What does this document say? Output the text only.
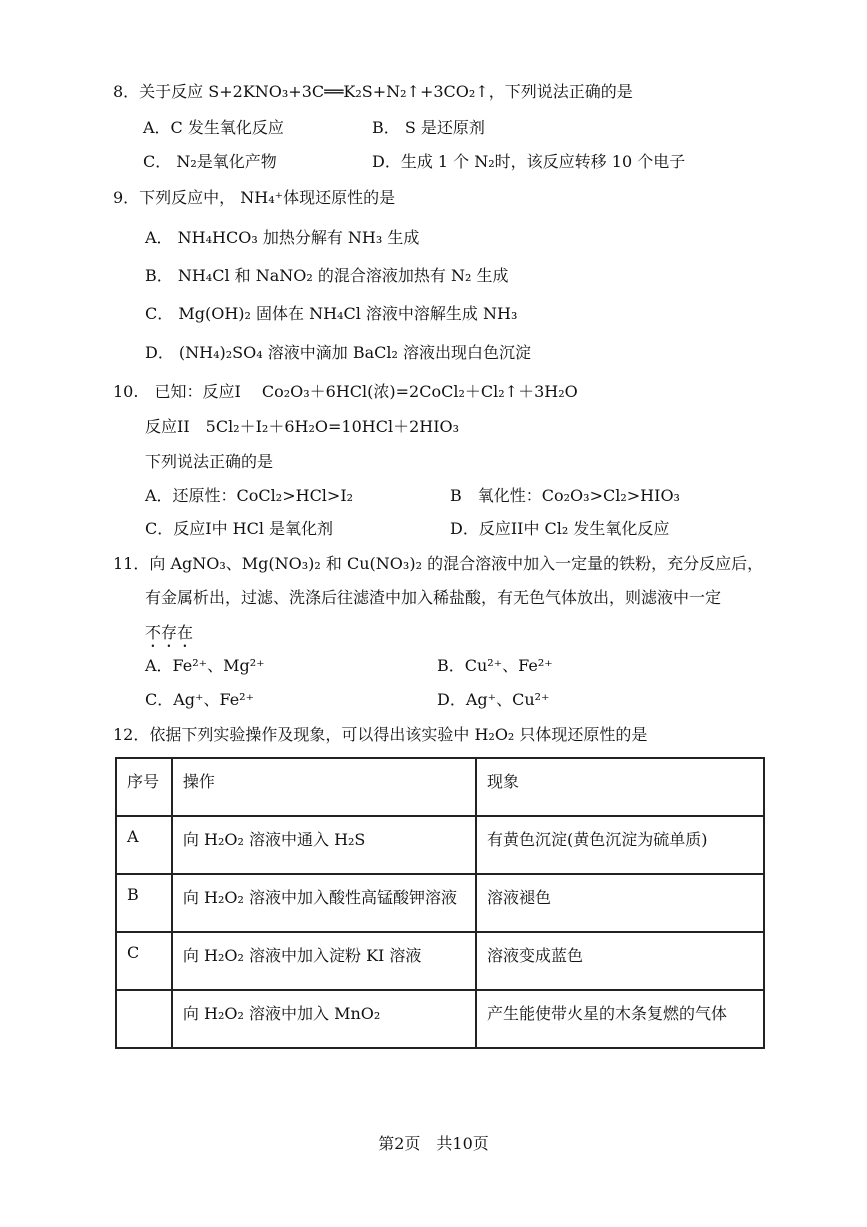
8．关于反应 S+2KNO₃+3C══K₂S+N₂↑+3CO₂↑，下列说法正确的是
A．C 发生氧化反应	B． S 是还原剂
C． N₂是氧化产物	D．生成 1 个 N₂时，该反应转移 10 个电子
9．下列反应中， NH₄⁺体现还原性的是
A． NH₄HCO₃ 加热分解有 NH₃ 生成
B． NH₄Cl 和 NaNO₂ 的混合溶液加热有 N₂ 生成
C． Mg(OH)₂ 固体在 NH₄Cl 溶液中溶解生成 NH₃
D． (NH₄)₂SO₄ 溶液中滴加 BaCl₂ 溶液出现白色沉淀
10.　已知：反应I　 Co₂O₃＋6HCl(浓)=2CoCl₂＋Cl₂↑＋3H₂O
反应II　5Cl₂＋I₂＋6H₂O=10HCl＋2HIO₃
下列说法正确的是
A．还原性：CoCl₂>HCl>I₂	B　氧化性：Co₂O₃>Cl₂>HIO₃
C．反应I中 HCl 是氧化剂	D．反应II中 Cl₂ 发生氧化反应
11．向 AgNO₃、Mg(NO₃)₂ 和 Cu(NO₃)₂ 的混合溶液中加入一定量的铁粉，充分反应后，
有金属析出，过滤、洗涤后往滤渣中加入稀盐酸，有无色气体放出，则滤液中一定
不存在
A．Fe²⁺、Mg²⁺	B．Cu²⁺、Fe²⁺
C．Ag⁺、Fe²⁺	D．Ag⁺、Cu²⁺
12．依据下列实验操作及现象，可以得出该实验中 H₂O₂ 只体现还原性的是
序号	操作	现象
A	向 H₂O₂ 溶液中通入 H₂S	有黄色沉淀(黄色沉淀为硫单质)
B	向 H₂O₂ 溶液中加入酸性高锰酸钾溶液	溶液褪色
C	向 H₂O₂ 溶液中加入淀粉 KI 溶液	溶液变成蓝色
	向 H₂O₂ 溶液中加入 MnO₂	产生能使带火星的木条复燃的气体
第2页　共10页
